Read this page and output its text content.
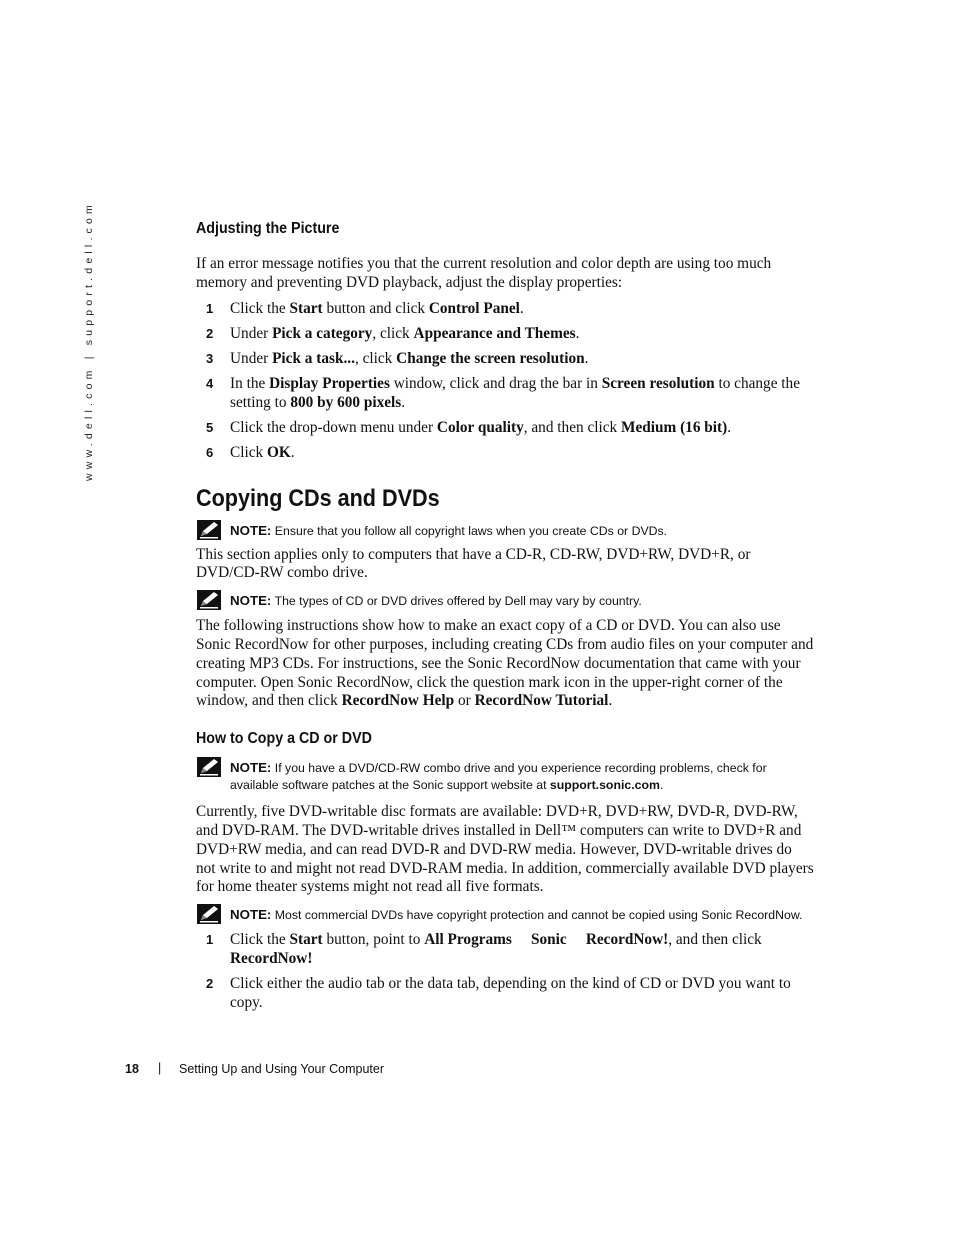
www.dell.com | support.dell.com	Adjusting the Picture

If an error message notifies you that the current resolution and color depth are using too much memory and preventing DVD playback, adjust the display properties:

1 Click the Start button and click Control Panel.
2 Under Pick a category, click Appearance and Themes.
3 Under Pick a task..., click Change the screen resolution.
4 In the Display Properties window, click and drag the bar in Screen resolution to change the setting to 800 by 600 pixels.
5 Click the drop-down menu under Color quality, and then click Medium (16 bit).
6 Click OK.
Copying CDs and DVDs
NOTE: Ensure that you follow all copyright laws when you create CDs or DVDs.

This section applies only to computers that have a CD-R, CD-RW, DVD+RW, DVD+R, or DVD/CD-RW combo drive.

NOTE: The types of CD or DVD drives offered by Dell may vary by country.

The following instructions show how to make an exact copy of a CD or DVD. You can also use Sonic RecordNow for other purposes, including creating CDs from audio files on your computer and creating MP3 CDs. For instructions, see the Sonic RecordNow documentation that came with your computer. Open Sonic RecordNow, click the question mark icon in the upper-right corner of the window, and then click RecordNow Help or RecordNow Tutorial.

How to Copy a CD or DVD
NOTE: If you have a DVD/CD-RW combo drive and you experience recording problems, check for available software patches at the Sonic support website at support.sonic.com.

Currently, five DVD-writable disc formats are available: DVD+R, DVD+RW, DVD-R, DVD-RW, and DVD-RAM. The DVD-writable drives installed in Dell™ computers can write to DVD+R and DVD+RW media, and can read DVD-R and DVD-RW media. However, DVD-writable drives do not write to and might not read DVD-RAM media. In addition, commercially available DVD players for home theater systems might not read all five formats.

NOTE: Most commercial DVDs have copyright protection and cannot be copied using Sonic RecordNow.
1 Click the Start button, point to All Programs Sonic RecordNow!, and then click RecordNow!
2 Click either the audio tab or the data tab, depending on the kind of CD or DVD you want to copy.
18 | Setting Up and Using Your Computer
